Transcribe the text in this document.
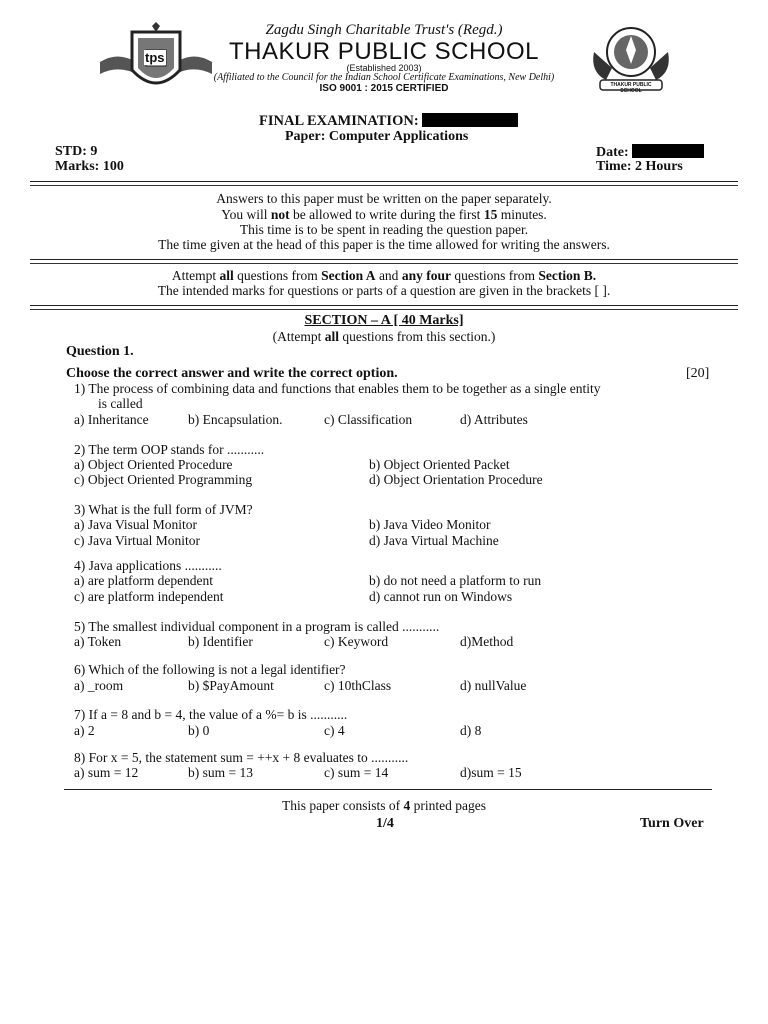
tps
Zagdu Singh Charitable Trust's (Regd.)
THAKUR PUBLIC SCHOOL
(Established 2003)
(Affiliated to the Council for the Indian School Certificate Examinations, New Delhi)
ISO 9001 : 2015 CERTIFIED	THAKUR PUBLIC SCHOOL
FINAL EXAMINATION:
Paper: Computer Applications
STD: 9
Marks: 100
Date:
Time: 2 Hours
Answers to this paper must be written on the paper separately.
You will not be allowed to write during the first 15 minutes.
This time is to be spent in reading the question paper.
The time given at the head of this paper is the time allowed for writing the answers.
Attempt all questions from Section A and any four questions from Section B.
The intended marks for questions or parts of a question are given in the brackets [ ].
SECTION – A [ 40 Marks]
(Attempt all questions from this section.)
Question 1.
Choose the correct answer and write the correct option.	[20]
1) The process of combining data and functions that enables them to be together as a single entity
is called
a) Inheritance	b) Encapsulation.	c) Classification	d) Attributes
2) The term OOP stands for ...........
a) Object Oriented Procedure	b) Object Oriented Packet
c) Object Oriented Programming	d) Object Orientation Procedure
3) What is the full form of JVM?
a) Java Visual Monitor	b) Java Video Monitor
c) Java Virtual Monitor	d) Java Virtual Machine
4) Java applications ...........
a) are platform dependent	b) do not need a platform to run
c) are platform independent	d) cannot run on Windows
5) The smallest individual component in a program is called ...........
a) Token	b) Identifier	c) Keyword	d)Method
6) Which of the following is not a legal identifier?
a) _room	b) $PayAmount	c) 10thClass	d) nullValue
7) If a = 8 and b = 4, the value of a %= b is ...........
a) 2	b) 0	c) 4	d) 8
8) For x = 5, the statement sum = ++x + 8 evaluates to ...........
a) sum = 12	b) sum = 13	c) sum = 14	d)sum = 15
This paper consists of 4 printed pages
1/4	Turn Over
